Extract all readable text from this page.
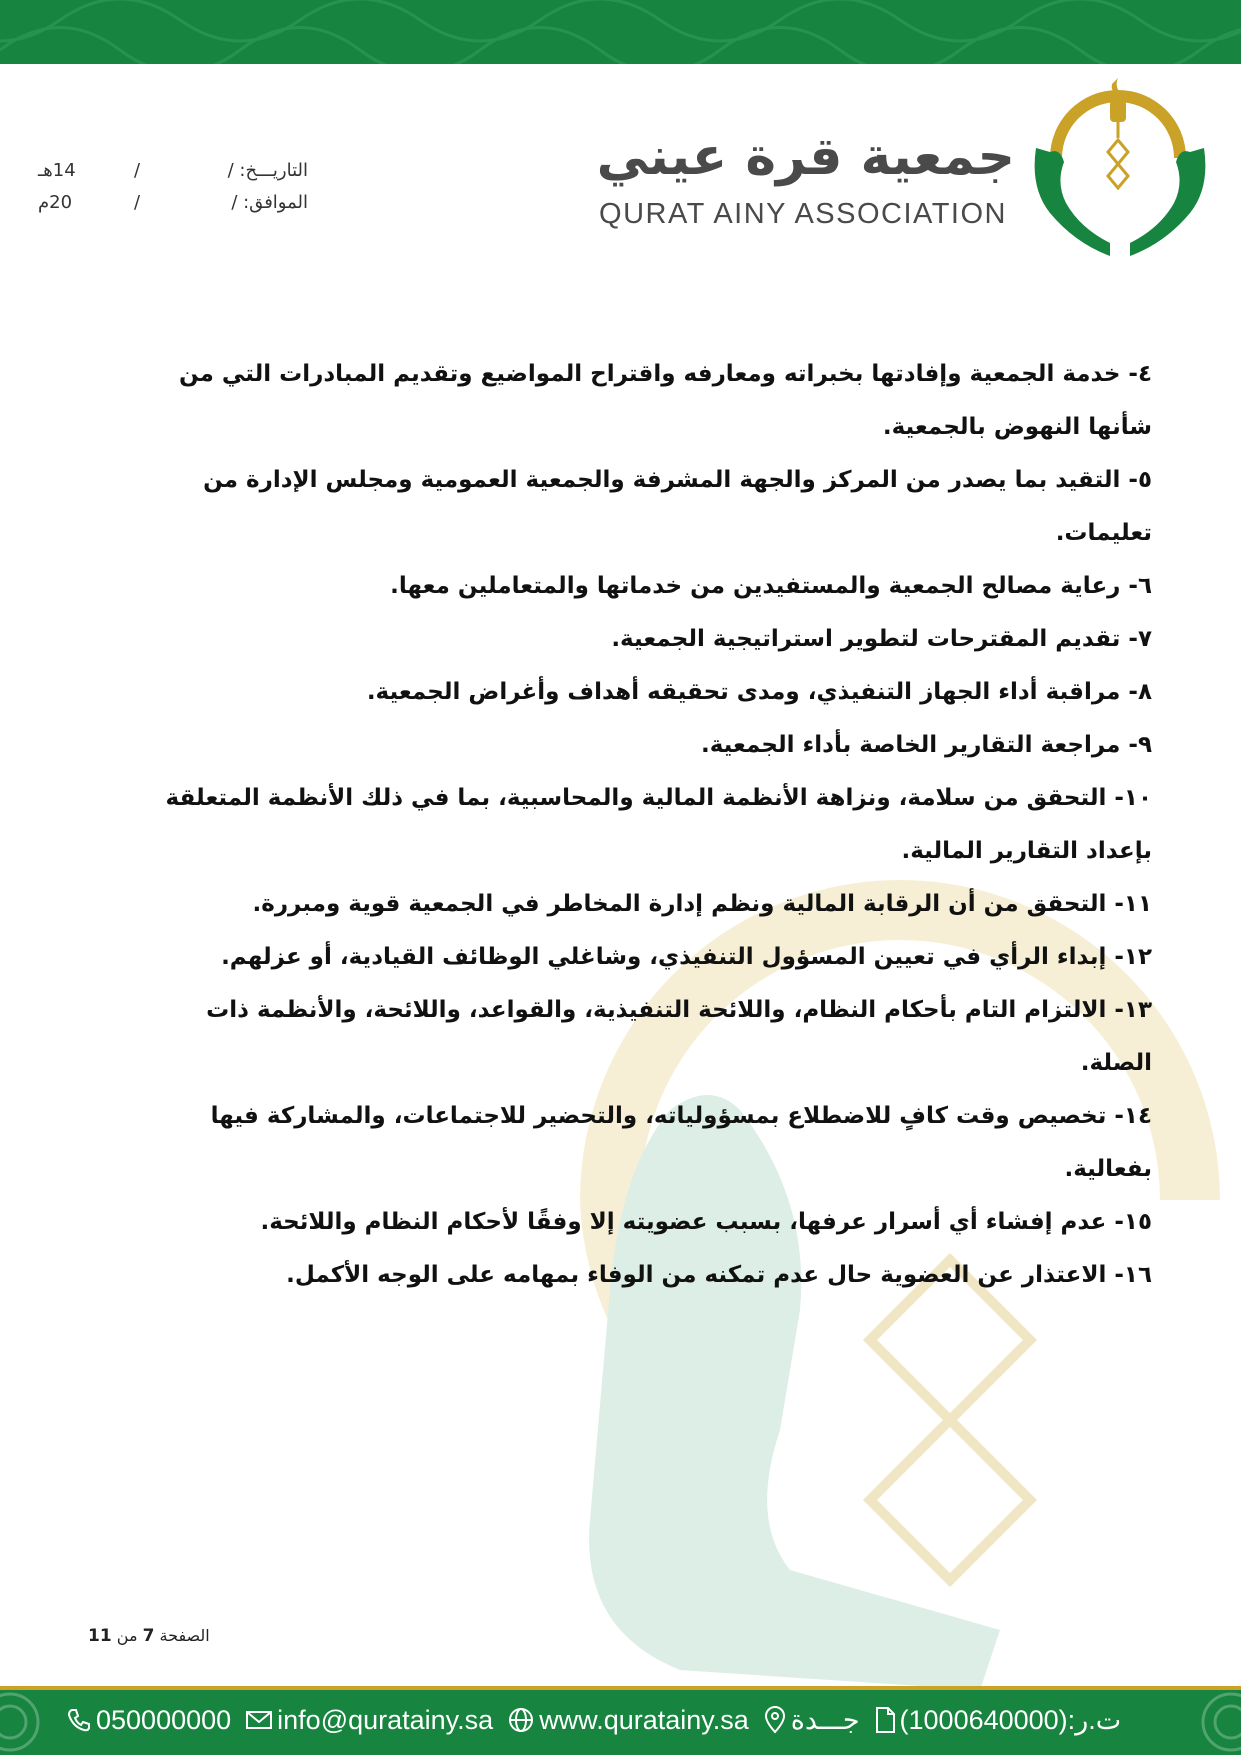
جمعية قرة عيني
QURAT AINY ASSOCIATION
التاريـــخ: /
/
14هـ
الموافق: /
/
20م

٤- خدمة الجمعية وإفادتها بخبراته ومعارفه واقتراح المواضيع وتقديم المبادرات التي من شأنها النهوض بالجمعية.

٥- التقيد بما يصدر من المركز والجهة المشرفة والجمعية العمومية ومجلس الإدارة من تعليمات.

٦- رعاية مصالح الجمعية والمستفيدين من خدماتها والمتعاملين معها.

٧- تقديم المقترحات لتطوير استراتيجية الجمعية.

٨- مراقبة أداء الجهاز التنفيذي، ومدى تحقيقه أهداف وأغراض الجمعية.

٩- مراجعة التقارير الخاصة بأداء الجمعية.

١٠- التحقق من سلامة، ونزاهة الأنظمة المالية والمحاسبية، بما في ذلك الأنظمة المتعلقة بإعداد التقارير المالية.

١١- التحقق من أن الرقابة المالية ونظم إدارة المخاطر في الجمعية قوية ومبررة.

١٢- إبداء الرأي في تعيين المسؤول التنفيذي، وشاغلي الوظائف القيادية، أو عزلهم.

١٣- الالتزام التام بأحكام النظام، واللائحة التنفيذية، والقواعد، واللائحة، والأنظمة ذات الصلة.

١٤- تخصيص وقت كافٍ للاضطلاع بمسؤولياته، والتحضير للاجتماعات، والمشاركة فيها بفعالية.

١٥- عدم إفشاء أي أسرار عرفها، بسبب عضويته إلا وفقًا لأحكام النظام واللائحة.

١٦- الاعتذار عن العضوية حال عدم تمكنه من الوفاء بمهامه على الوجه الأكمل.

الصفحة 7 من 11
050000000 info@quratainy.sa www.quratainy.sa جـــدة (1000640000):ت.ر
